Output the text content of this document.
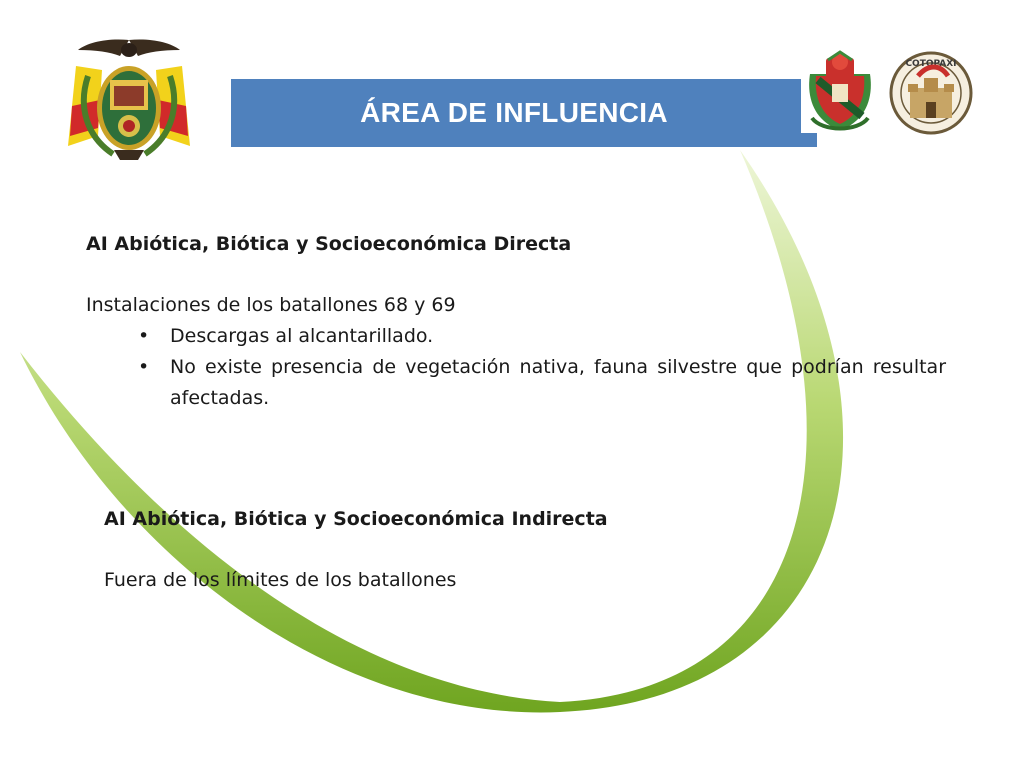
ÁREA DE INFLUENCIA
COTOPAXI
AI Abiótica, Biótica y Socioeconómica Directa
Instalaciones de los batallones 68 y 69
• Descargas al alcantarillado.
• No existe presencia de vegetación nativa, fauna silvestre que podrían resultar afectadas.
AI Abiótica, Biótica y Socioeconómica Indirecta
Fuera de los límites de los batallones
